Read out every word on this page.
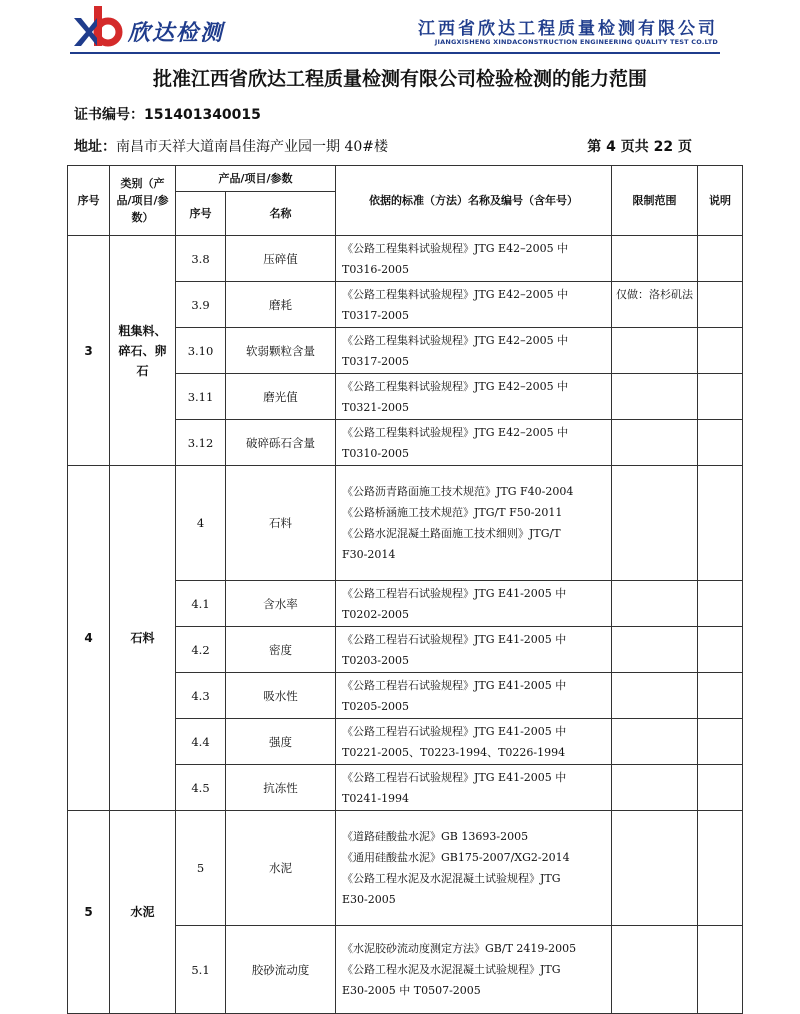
欣达检测	江西省欣达工程质量检测有限公司
JIANGXISHENG XINDACONSTRUCTION ENGINEERING QUALITY TEST CO.LTD
批准江西省欣达工程质量检测有限公司检验检测的能力范围
证书编号：151401340015
地址：南昌市天祥大道南昌佳海产业园一期 40#楼	第 4 页共 22 页
序号	类别（产品/项目/参数）	产品/项目/参数		依据的标准（方法）名称及编号（含年号）	限制范围	说明
		序号	名称			
3	粗集料、碎石、卵石	3.8	压碎值	《公路工程集料试验规程》JTG E42–2005 中
T0316-2005		

		3.9	磨耗	《公路工程集料试验规程》JTG E42–2005 中
T0317-2005	仅做：洛杉矶法	
		3.10	软弱颗粒含量	《公路工程集料试验规程》JTG E42–2005 中
T0317-2005		

		3.11	磨光值	《公路工程集料试验规程》JTG E42–2005 中
T0321-2005		

		3.12	破碎砾石含量	《公路工程集料试验规程》JTG E42–2005 中
T0310-2005		

4	石料	4	石料	《公路沥青路面施工技术规范》JTG F40-2004
《公路桥涵施工技术规范》JTG/T F50-2011
《公路水泥混凝土路面施工技术细则》JTG/T
F30-2014		

		4.1	含水率	《公路工程岩石试验规程》JTG E41-2005 中
T0202-2005		

		4.2	密度	《公路工程岩石试验规程》JTG E41-2005 中
T0203-2005		

		4.3	吸水性	《公路工程岩石试验规程》JTG E41-2005 中
T0205-2005		

		4.4	强度	《公路工程岩石试验规程》JTG E41-2005 中
T0221-2005、T0223-1994、T0226-1994		

		4.5	抗冻性	《公路工程岩石试验规程》JTG E41-2005 中
T0241-1994		

5	水泥	5	水泥	《道路硅酸盐水泥》GB 13693-2005
《通用硅酸盐水泥》GB175-2007/XG2-2014
《公路工程水泥及水泥混凝土试验规程》JTG
E30-2005		

		5.1	胶砂流动度	《水泥胶砂流动度测定方法》GB/T 2419-2005
《公路工程水泥及水泥混凝土试验规程》JTG
E30-2005 中 T0507-2005		
